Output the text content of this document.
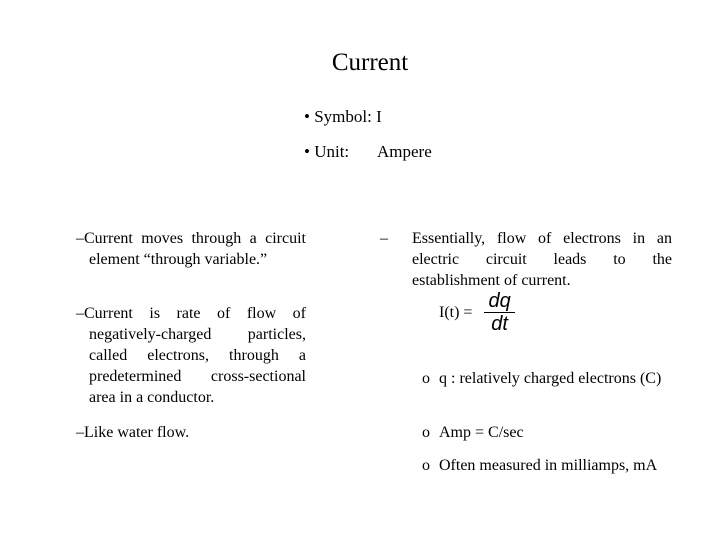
Current
• Symbol: I
• Unit: Ampere

–Current moves through a circuit element “through variable.”

–Current is rate of flow of negatively-charged particles, called electrons, through a predetermined cross-sectional area in a conductor.

–Like water flow.

– Essentially, flow of electrons in an electric circuit leads to the establishment of current.

$I(t) = \frac{dq}{dt}$
o q : relatively charged electrons (C)
o Amp = C/sec
o Often measured in milliamps, mA
